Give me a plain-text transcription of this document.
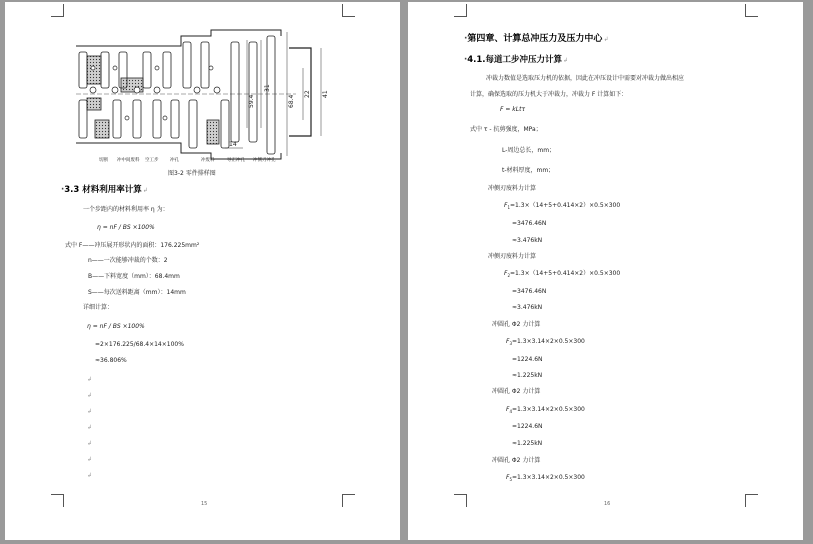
14
59.4	68.4
41
22
31
切断 冲中间废料 空工步	冲孔	冲废料	导正冲孔 冲侧刃冲孔
图3-2 零件排样图
·3.3 材料利用率计算↲
一个步距内的材料利用率 η 为：
η = nF / BS ×100%
式中 F——冲压展开形状内的面积：176.225mm²
n——一次能够冲裁的个数：2
B——下料宽度（mm）：68.4mm
S——每次送料距离（mm）：14mm
详细计算：
η = nF / BS ×100%
=2×176.225/68.4×14×100%
≈36.806%
↲
↲
↲
↲
↲
↲
↲
15
·第四章、计算总冲压力及压力中心↲
·4.1.每道工步冲压力计算↲
冲裁力数值是选取压力机的依据，因此在冲压设计中需要对冲裁力做出相应
计算，确保选取的压力机大于冲裁力，冲裁力 F 计算如下：
F = kLtτ
式中 τ - 抗剪强度，MPa；
L-周边总长，mm；
t-材料厚度，mm；
冲侧刃废料力计算
$F_1=1.3\times(14+5+0.414\times 2)\times 0.5\times 300$
=3476.46N
≈3.476kN
冲侧刃废料力计算
$F_2=1.3\times(14+5+0.414\times 2)\times 0.5\times 300$
=3476.46N
≈3.476kN
冲圆孔 Φ2 力计算
$F_3=1.3\times 3.14\times 2\times 0.5\times 300$
=1224.6N
≈1.225kN
冲圆孔 Φ2 力计算
$F_4=1.3\times 3.14\times 2\times 0.5\times 300$
=1224.6N
≈1.225kN
冲圆孔 Φ2 力计算
$F_5=1.3\times 3.14\times 2\times 0.5\times 300$
16
